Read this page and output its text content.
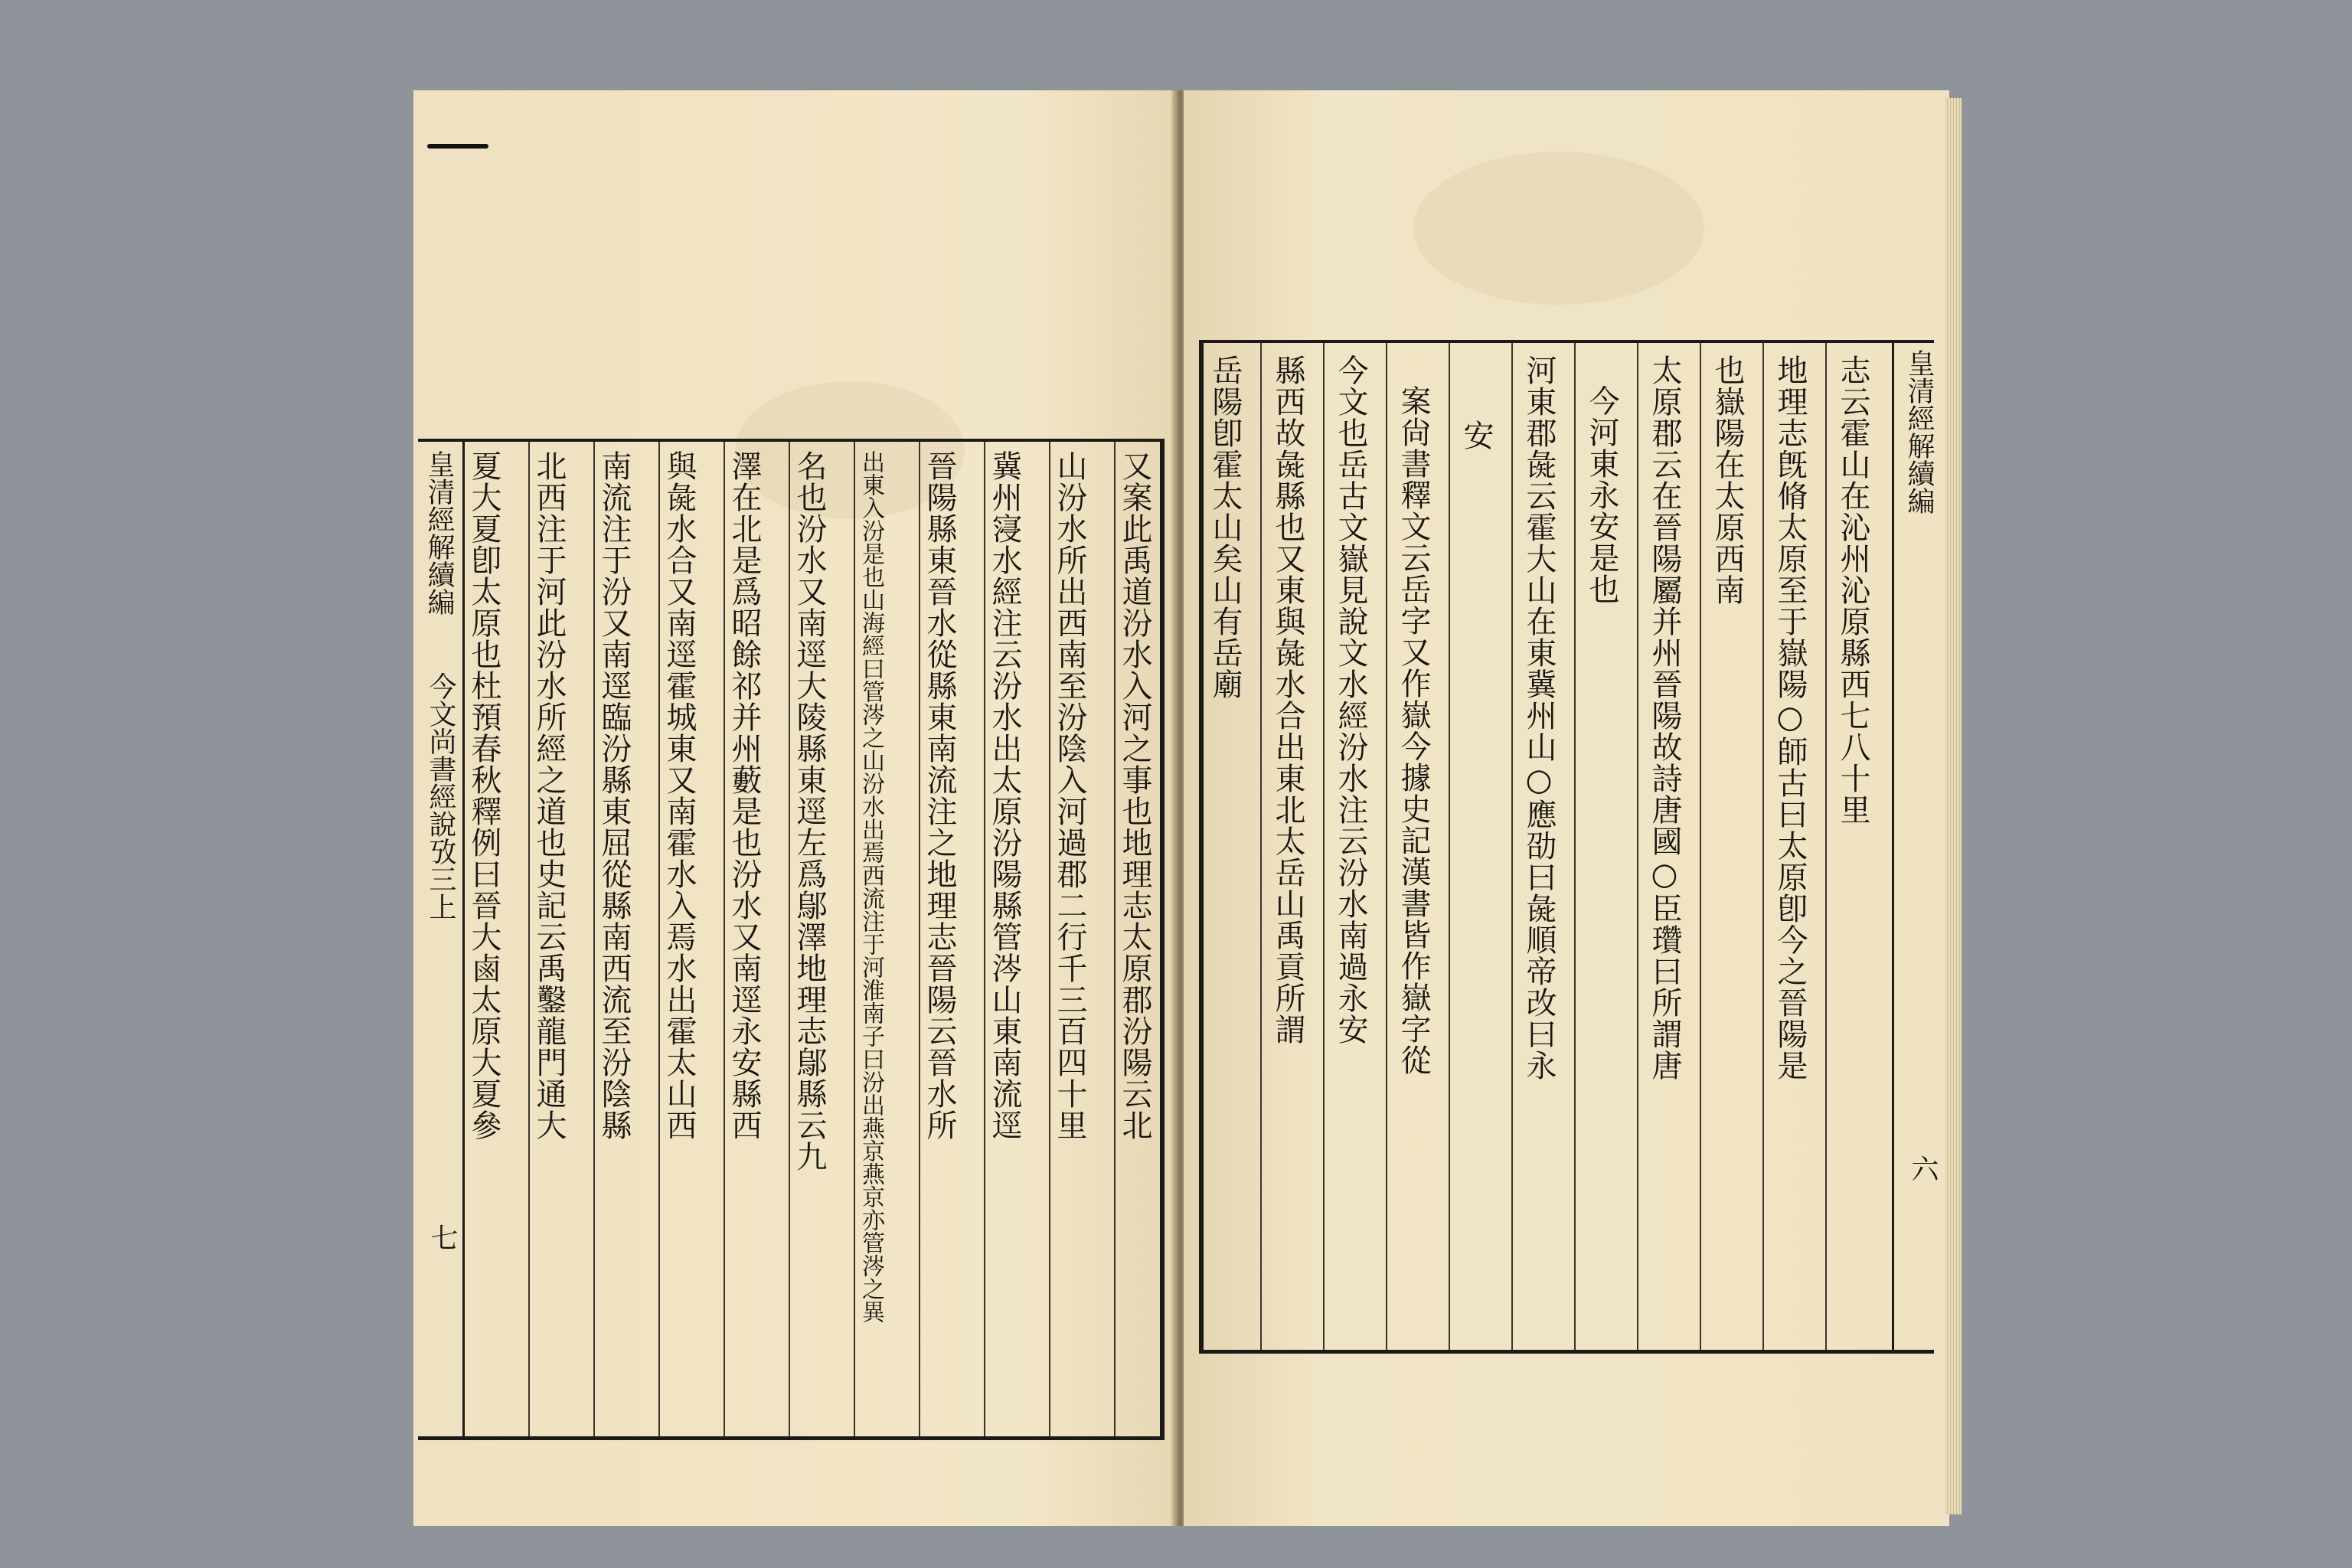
皇清經解續編
今文尚書經說攷三上
七
又案此禹道汾水入河之事也地理志太原郡汾陽云北
山汾水所出西南至汾陰入河過郡二行千三百四十里
冀州寖水經注云汾水出太原汾陽縣管涔山東南流逕
晉陽縣東晉水從縣東南流注之地理志晉陽云晉水所
出東入汾是也山海經曰管涔之山汾水出焉西流注于河淮南子曰汾出燕京燕京亦管涔之異
名也汾水又南逕大陵縣東逕左爲鄔澤地理志鄔縣云九
澤在北是爲昭餘祁并州藪是也汾水又南逕永安縣西
與彘水合又南逕霍城東又南霍水入焉水出霍太山西
南流注于汾又南逕臨汾縣東屈從縣南西流至汾陰縣
北西注于河此汾水所經之道也史記云禹鑿龍門通大
夏大夏卽太原也杜預春秋釋例曰晉大鹵太原大夏參
皇清經解續編
六
志云霍山在沁州沁原縣西七八十里
地理志旣脩太原至于嶽陽○師古曰太原卽今之晉陽是
也嶽陽在太原西南
太原郡云在晉陽屬并州晉陽故詩唐國○臣瓚曰所謂唐
今河東永安是也
河東郡彘云霍大山在東冀州山○應劭曰彘順帝改曰永
安
案尙書釋文云岳字又作嶽今據史記漢書皆作嶽字從
今文也岳古文嶽見說文水經汾水注云汾水南過永安
縣西故彘縣也又東與彘水合出東北太岳山禹貢所謂
岳陽卽霍太山矣山有岳廟
